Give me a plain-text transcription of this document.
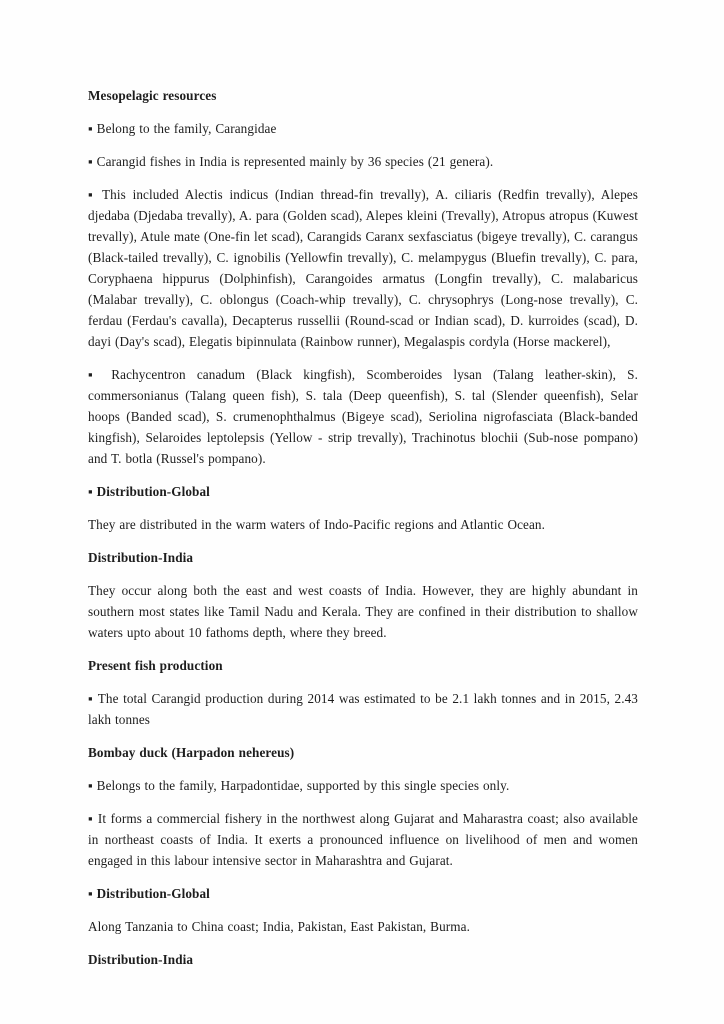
Mesopelagic resources
▪ Belong to the family, Carangidae
▪ Carangid fishes in India is represented mainly by 36 species (21 genera).
▪ This included Alectis indicus (Indian thread-fin trevally), A. ciliaris (Redfin trevally), Alepes djedaba (Djedaba trevally), A. para (Golden scad), Alepes kleini (Trevally), Atropus atropus (Kuwest trevally), Atule mate (One-fin let scad), Carangids Caranx sexfasciatus (bigeye trevally), C. carangus (Black-tailed trevally), C. ignobilis (Yellowfin trevally), C. melampygus (Bluefin trevally), C. para, Coryphaena hippurus (Dolphinfish), Carangoides armatus (Longfin trevally), C. malabaricus (Malabar trevally), C. oblongus (Coach-whip trevally), C. chrysophrys (Long-nose trevally), C. ferdau (Ferdau's cavalla), Decapterus russellii (Round-scad or Indian scad), D. kurroides (scad), D. dayi (Day's scad), Elegatis bipinnulata (Rainbow runner), Megalaspis cordyla (Horse mackerel),
▪ Rachycentron canadum (Black kingfish), Scomberoides lysan (Talang leather-skin), S. commersonianus (Talang queen fish), S. tala (Deep queenfish), S. tal (Slender queenfish), Selar hoops (Banded scad), S. crumenophthalmus (Bigeye scad), Seriolina nigrofasciata (Black-banded kingfish), Selaroides leptolepsis (Yellow - strip trevally), Trachinotus blochii (Sub-nose pompano) and T. botla (Russel's pompano).
▪ Distribution-Global
They are distributed in the warm waters of Indo-Pacific regions and Atlantic Ocean.
Distribution-India
They occur along both the east and west coasts of India. However, they are highly abundant in southern most states like Tamil Nadu and Kerala. They are confined in their distribution to shallow waters upto about 10 fathoms depth, where they breed.
Present fish production
▪ The total Carangid production during 2014 was estimated to be 2.1 lakh tonnes and in 2015, 2.43 lakh tonnes
Bombay duck (Harpadon nehereus)
▪ Belongs to the family, Harpadontidae, supported by this single species only.
▪ It forms a commercial fishery in the northwest along Gujarat and Maharastra coast; also available in northeast coasts of India. It exerts a pronounced influence on livelihood of men and women engaged in this labour intensive sector in Maharashtra and Gujarat.
▪ Distribution-Global
Along Tanzania to China coast; India, Pakistan, East Pakistan, Burma.
Distribution-India
